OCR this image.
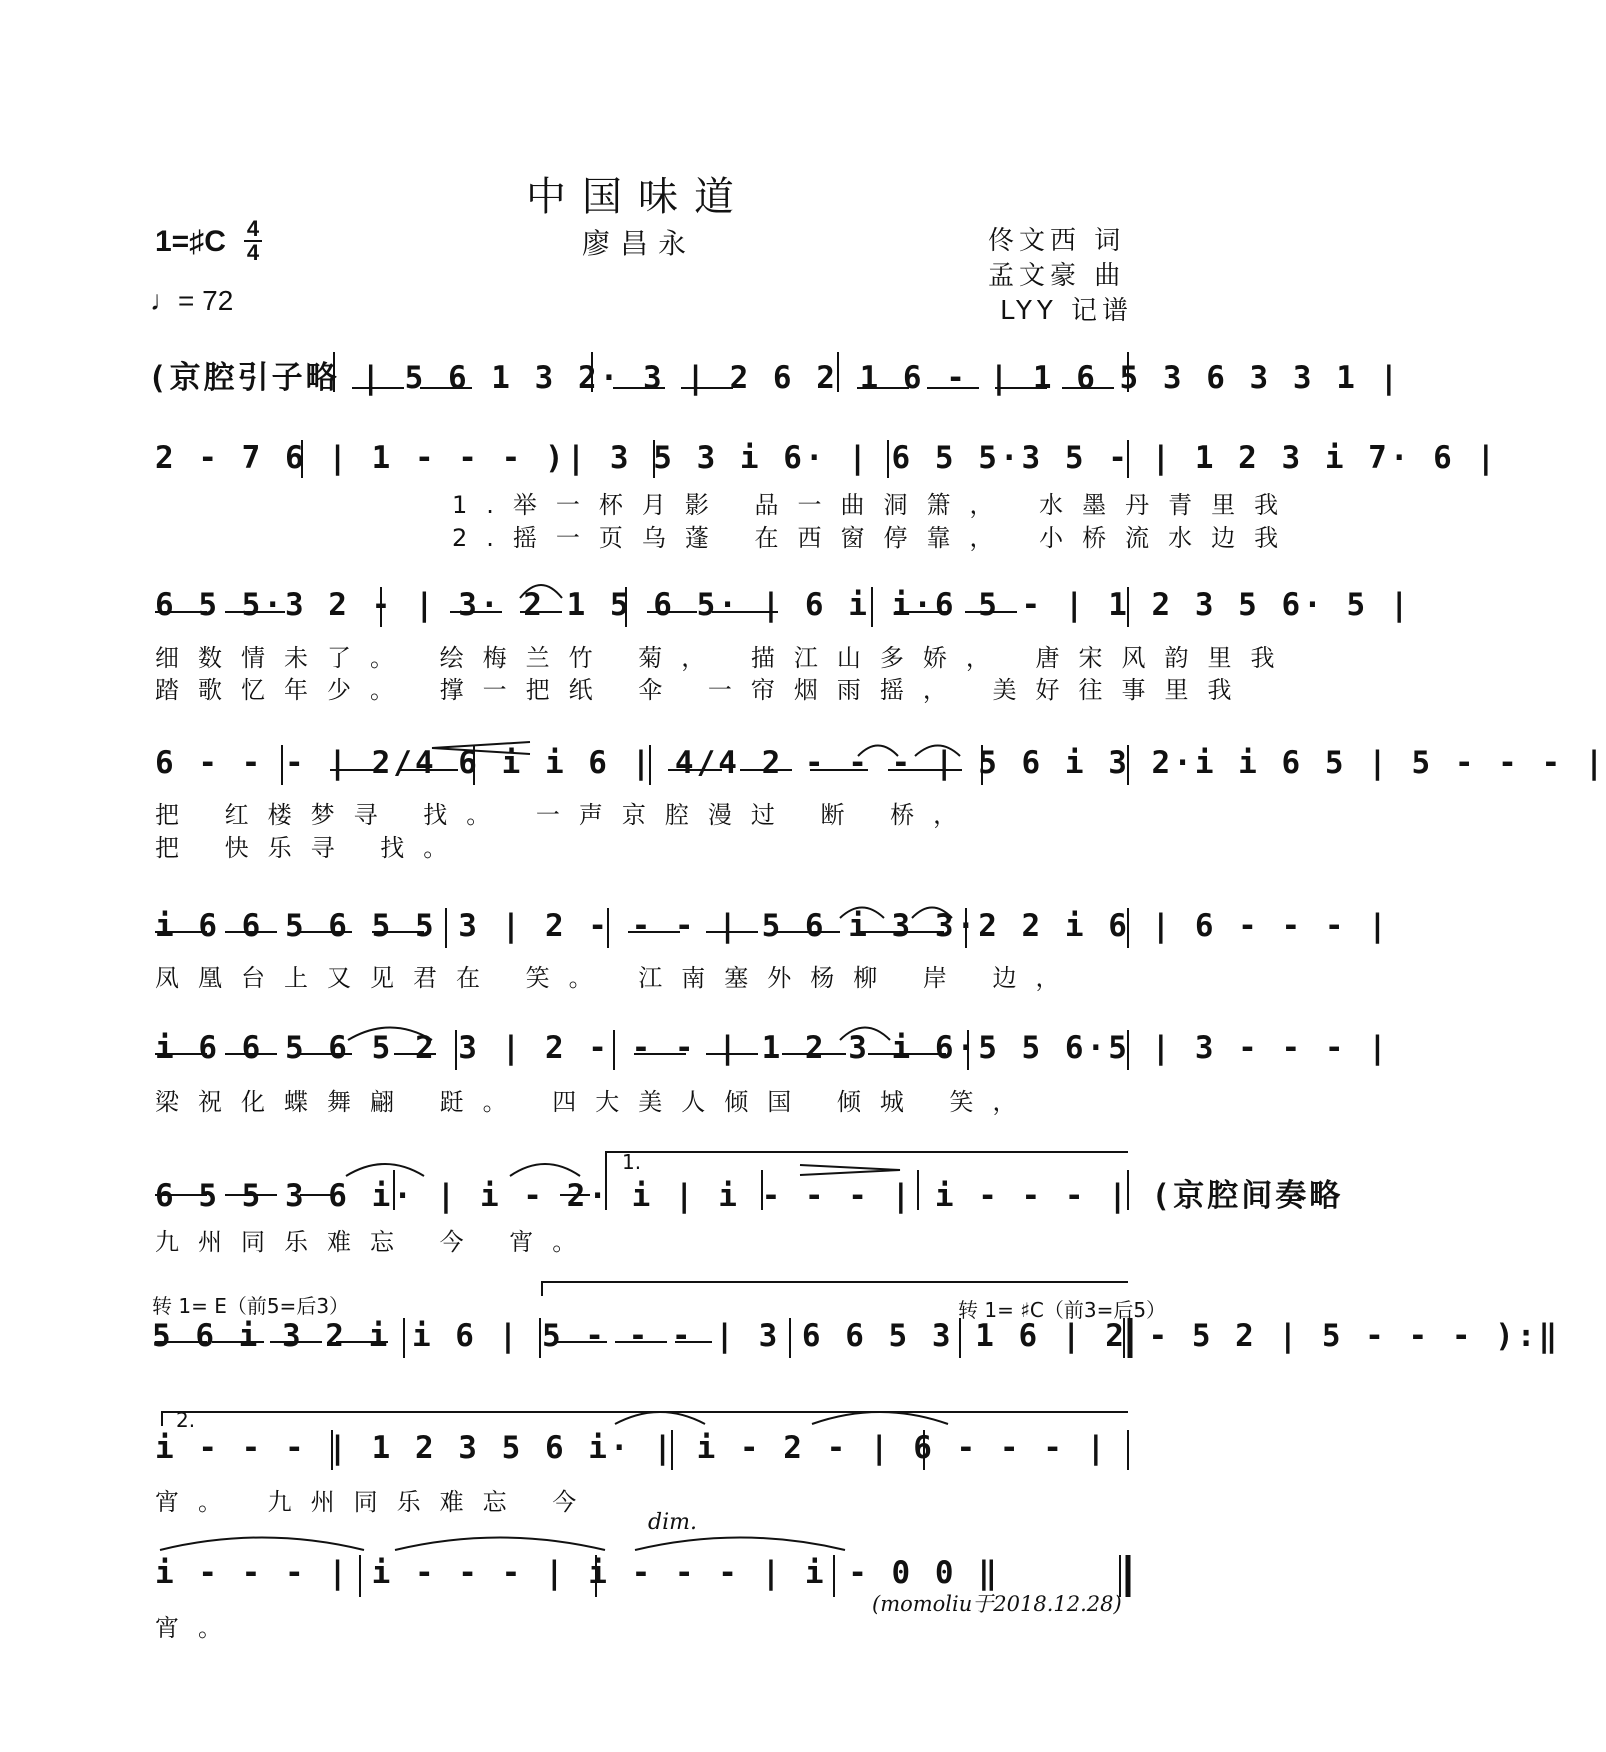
中国味道
廖昌永	佟文西 词
孟文豪 曲
LYY 记谱
1=♯C 4
4
♩= 72
(京腔引子略 | 5 6 1 3 2· 3 | 2 6 2 1 6 - | 1 6 5 3 6 3 3 1 |
2 - 7 6 | 1 - - - )| 3 5 3 i 6· | 6 5 5·3 5 - | 1 2 3 i 7· 6 |
1.举一杯月影 品一曲洞箫， 水墨丹青里我
2.摇一页乌蓬 在西窗停靠， 小桥流水边我
6 5 5·3 2 - | 3· 2 1 5 6 5· | 6 i i·6 5 - | 1 2 3 5 6· 5 |
细数情未了。 绘梅兰竹 菊， 描江山多娇， 唐宋风韵里我
踏歌忆年少。 撑一把纸 伞 一帘烟雨摇， 美好往事里我
6 - - - | 2/4 6 i i 6 | 4/4 2 - - - | 5 6 i 3 2·i i 6 5 | 5 - - - |
把 红楼梦寻 找。 一声京腔漫过 断 桥，
把 快乐寻 找。
i 6 6 5 6 5 5 3 | 2 - - - | 5 6 i 3 3·2 2 i 6 | 6 - - - |
凤凰台上又见君在 笑。 江南塞外杨柳 岸 边，
i 6 6 5 6 5 2 3 | 2 - - - | 1 2 3 i 6·5 5 6·5 | 3 - - - |
梁祝化蝶舞翩 跹。 四大美人倾国 倾城 笑，
1.
6 5 5 3 6 i· | i - 2· i | i - - - | i - - - | (京腔间奏略
九州同乐难忘 今 宵。
转 1= E（前5=后3）	转 1= ♯C（前3=后5）
5 6 i 3 2 i i 6 | 5 - - - | 3 6 6 5 3 1 6 | 2 - 5 2 | 5 - - - ):‖
2.
i - - - | 1 2 3 5 6 i· | i - 2 - | 6 - - - |
宵。 九州同乐难忘 今
dim.
i - - - | i - - - | i - - - | i - 0 0 ‖
宵。
(momoliu于2018.12.28)
